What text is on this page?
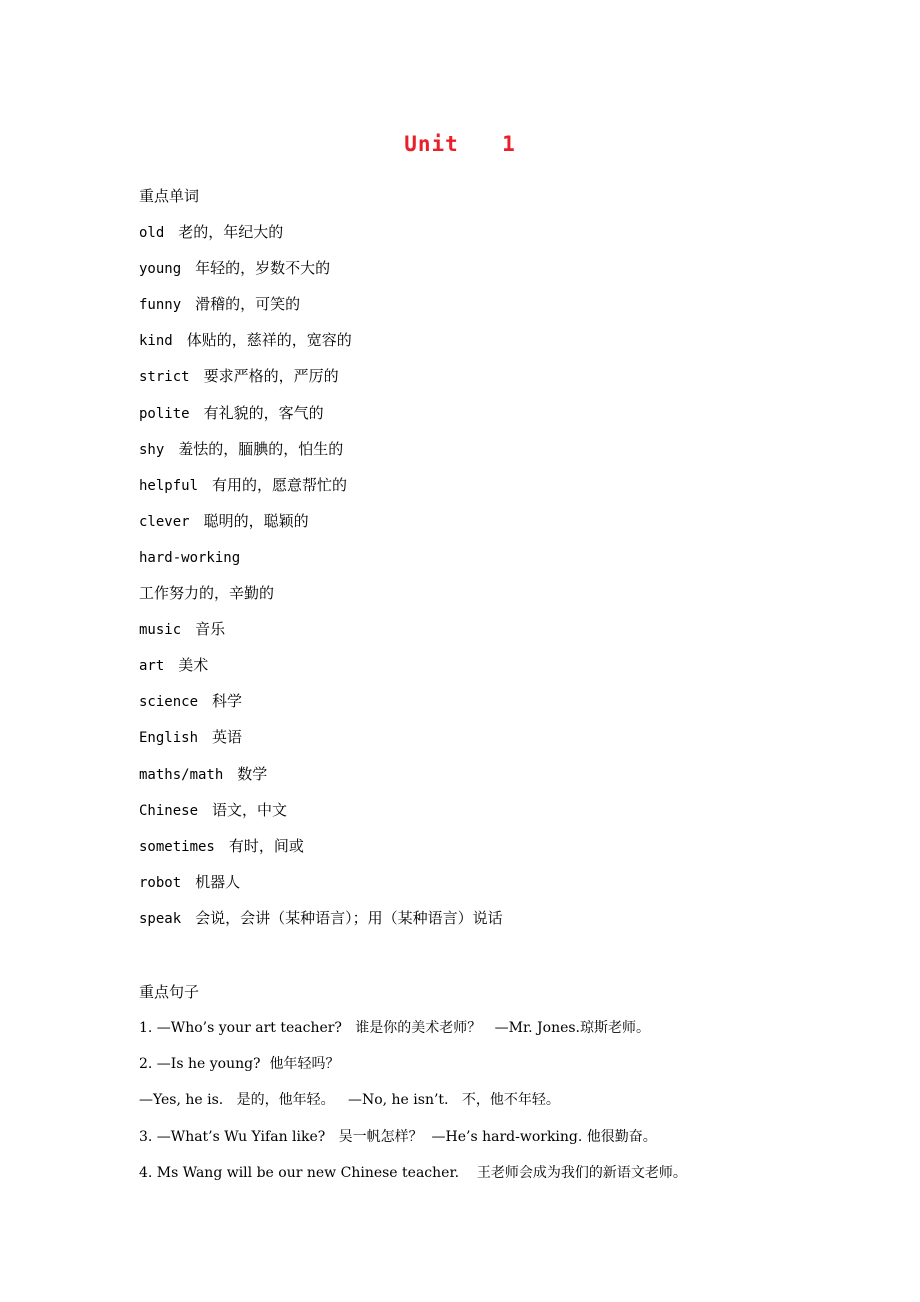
Unit  1
重点单词
old 老的，年纪大的
young 年轻的，岁数不大的
funny 滑稽的，可笑的
kind 体贴的，慈祥的，宽容的
strict 要求严格的，严厉的
polite 有礼貌的，客气的
shy 羞怯的，腼腆的，怕生的
helpful 有用的，愿意帮忙的
clever 聪明的，聪颖的
hard-working
工作努力的，辛勤的
music 音乐
art 美术
science 科学
English 英语
maths/math 数学
Chinese 语文，中文
sometimes 有时，间或
robot 机器人
speak 会说，会讲（某种语言）；用（某种语言）说话
重点句子
1. —Who’s your art teacher?   谁是你的美术老师？   —Mr. Jones.琼斯老师。
2. —Is he young?  他年轻吗？
—Yes, he is.   是的，他年轻。   —No, he isn’t.   不，他不年轻。
3. —What’s Wu Yifan like?   吴一帆怎样？  —He’s hard-working. 他很勤奋。
4. Ms Wang will be our new Chinese teacher.    王老师会成为我们的新语文老师。
